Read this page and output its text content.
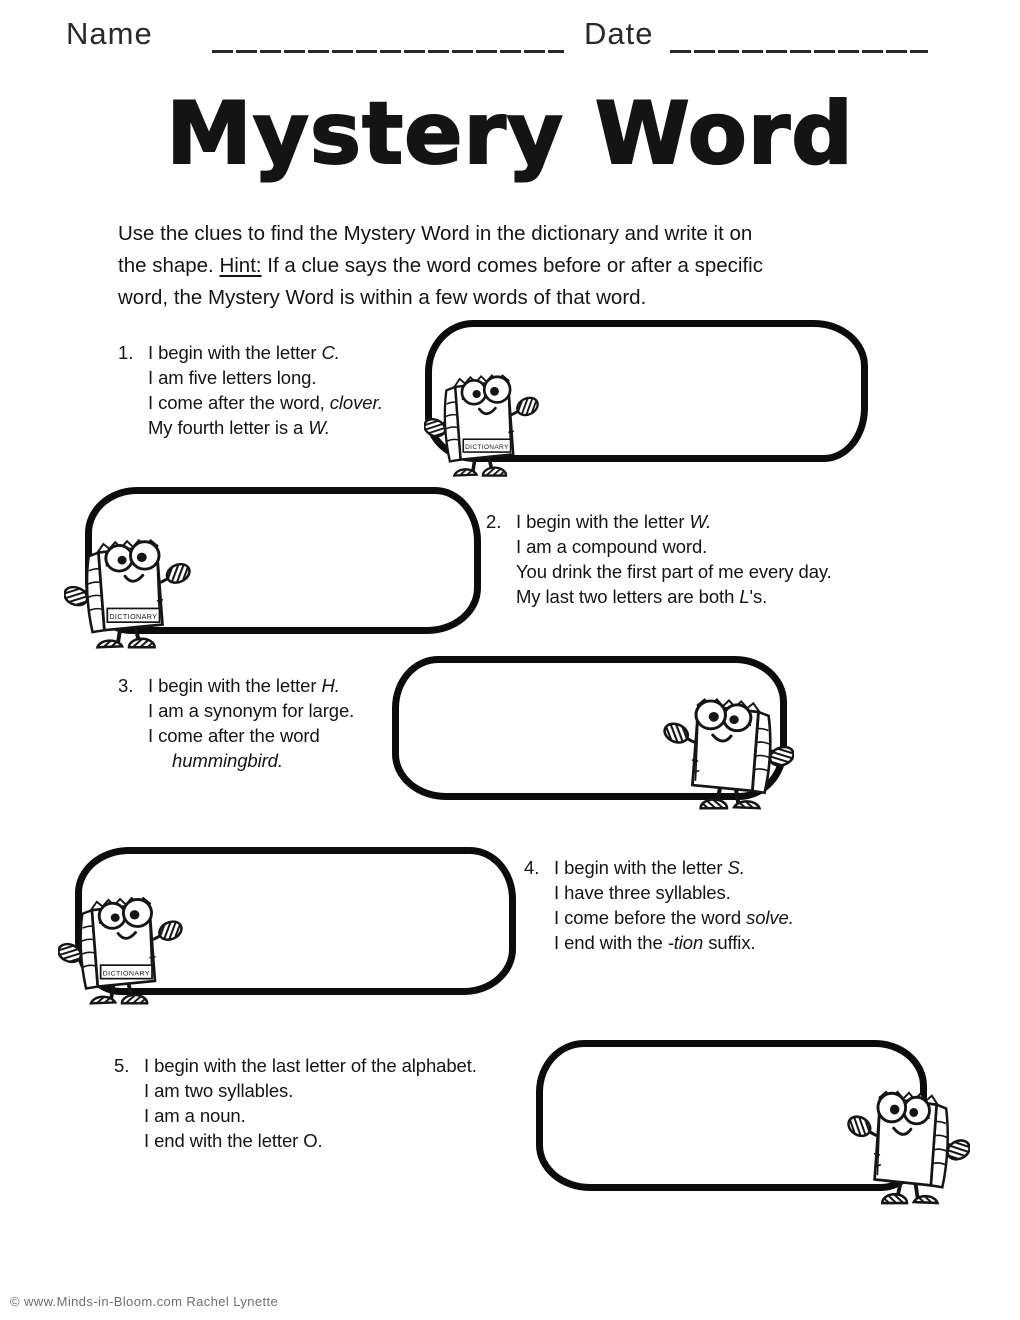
Name	Date
Mystery Word
Use the clues to find the Mystery Word in the dictionary and write it on
the shape. Hint: If a clue says the word comes before or after a specific
word, the Mystery Word is within a few words of that word.
DICTIONARY
DICTIONARY
DICTIONARY
1. I begin with the letter C.
I am five letters long.
I come after the word, clover.
My fourth letter is a W.
2. I begin with the letter W.
I am a compound word.
You drink the first part of me every day.
My last two letters are both L's.
3. I begin with the letter H.
I am a synonym for large.
I come after the word
hummingbird.
4. I begin with the letter S.
I have three syllables.
I come before the word solve.
I end with the -tion suffix.
5. I begin with the last letter of the alphabet.
I am two syllables.
I am a noun.
I end with the letter O.
© www.Minds-in-Bloom.com Rachel Lynette
